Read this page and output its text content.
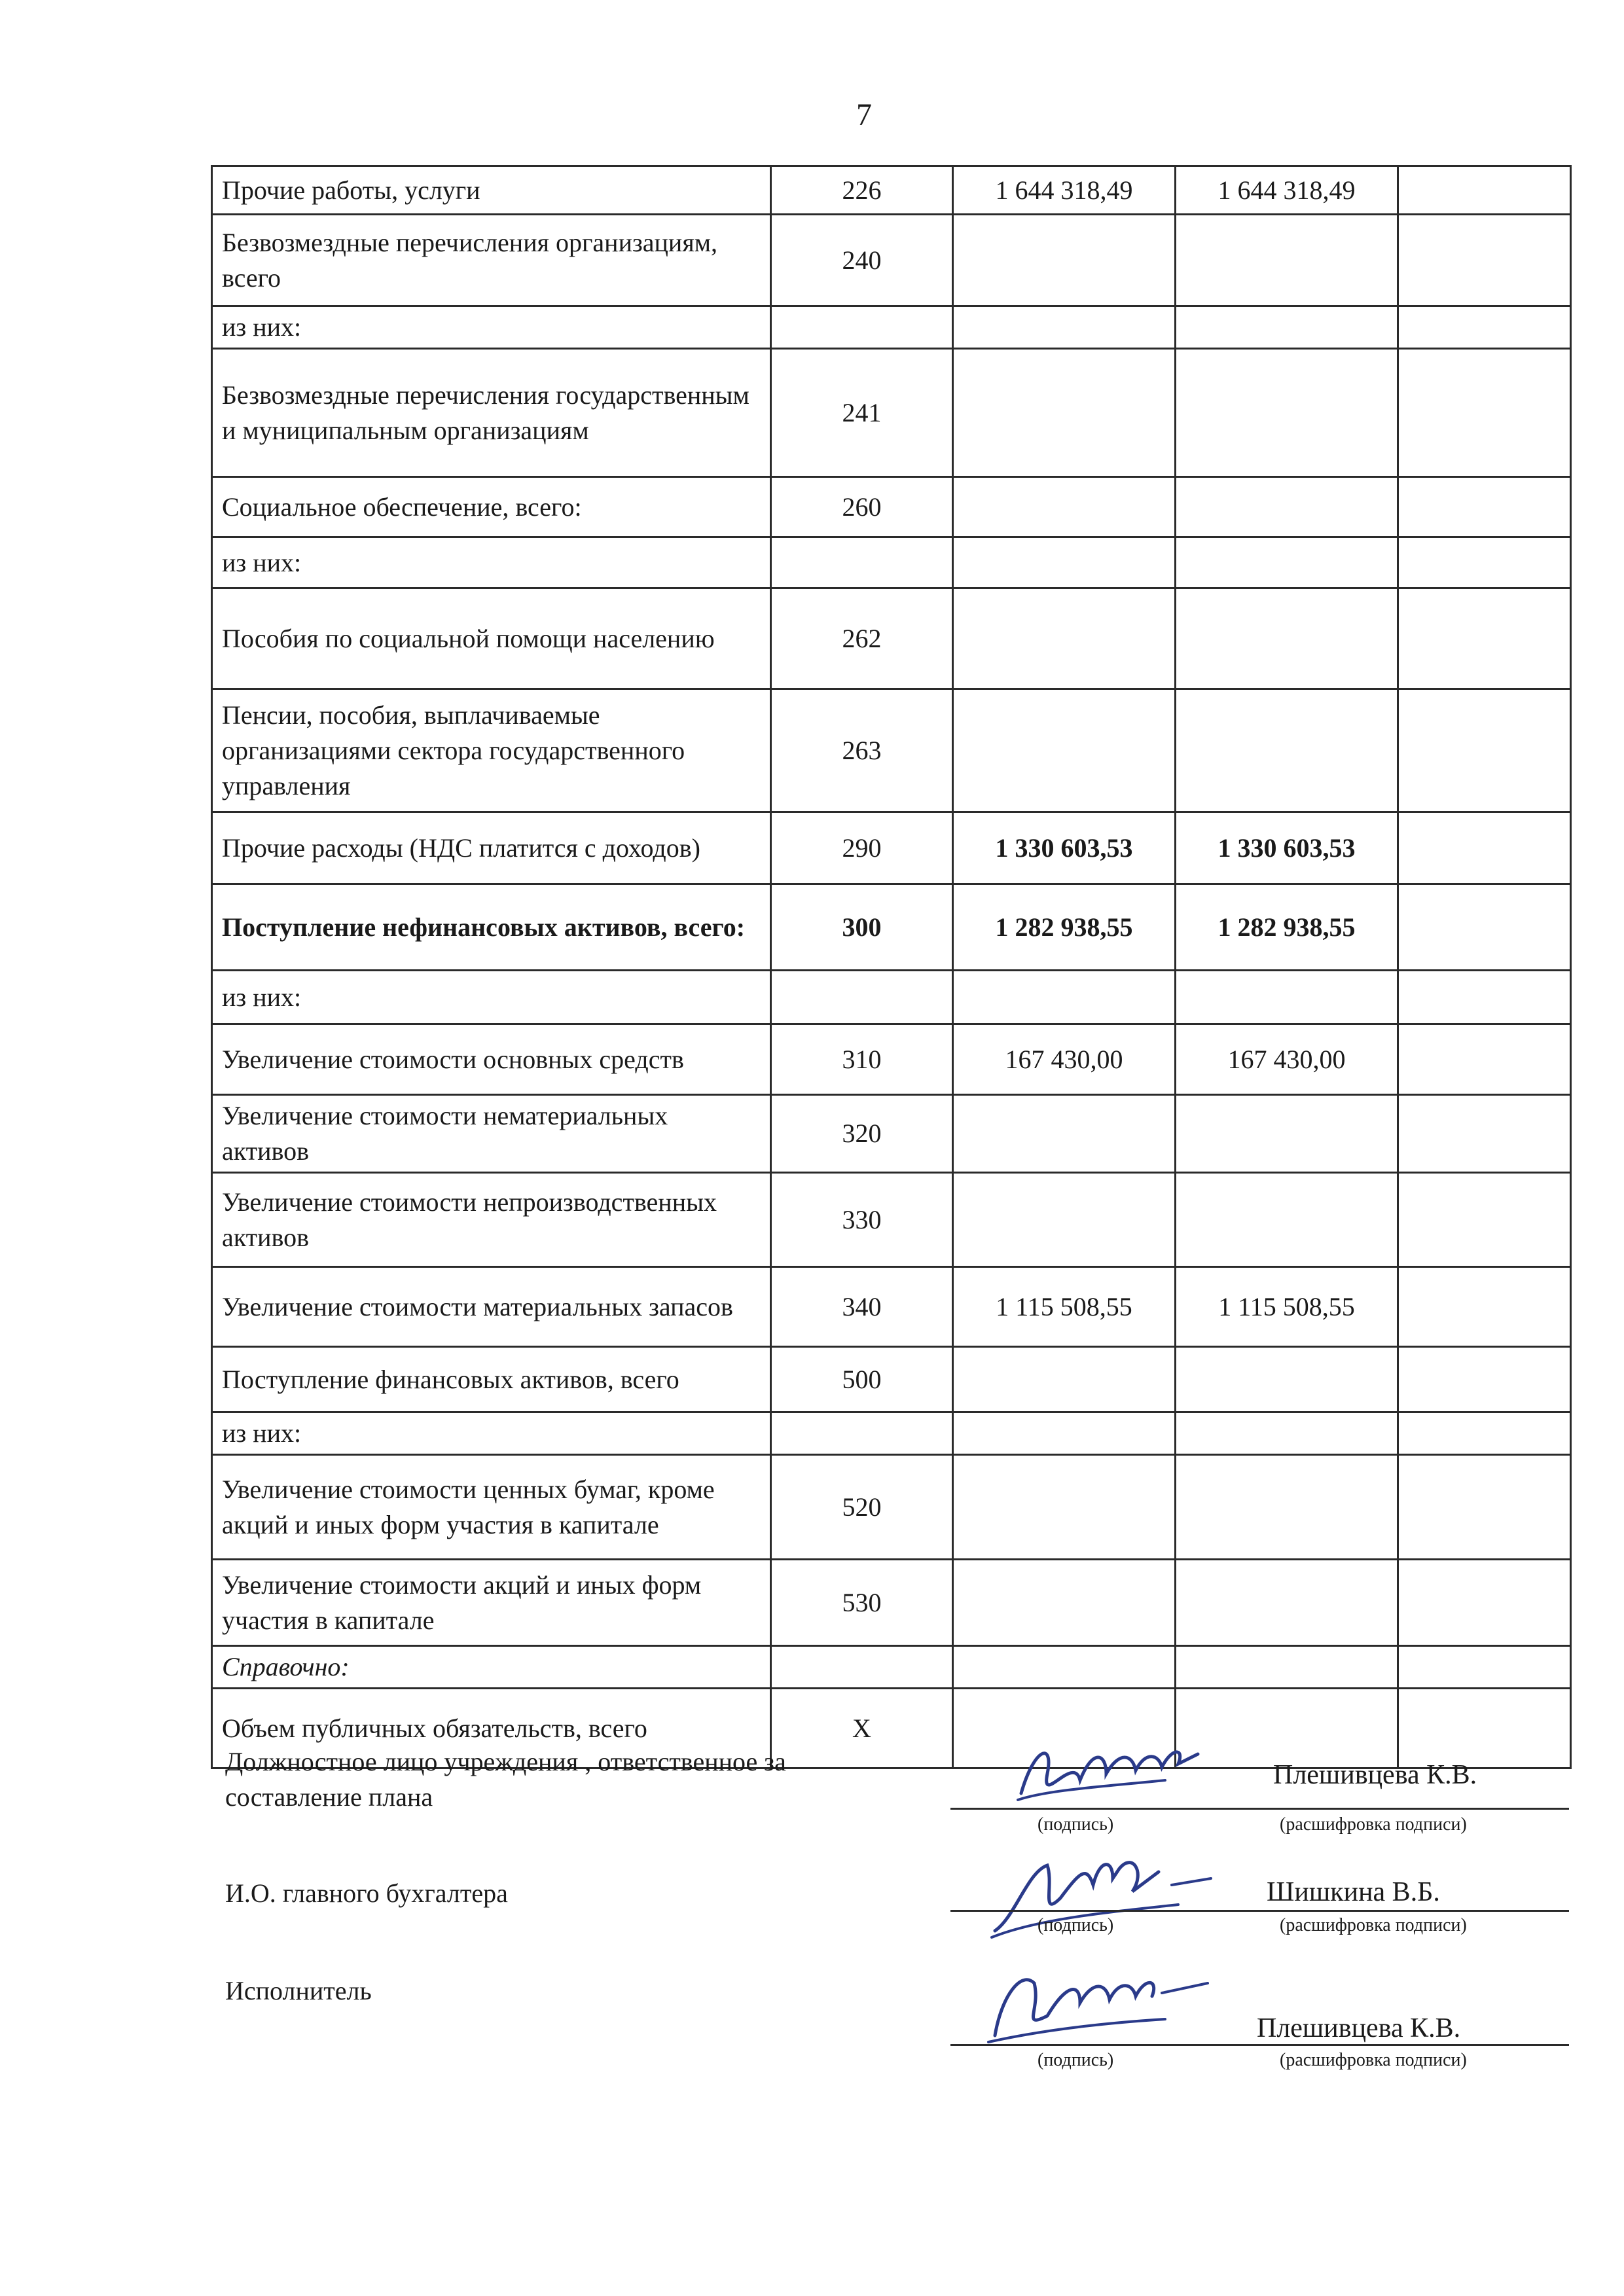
7
Прочие работы, услуги	226	1 644 318,49	1 644 318,49	
Безвозмездные перечисления организациям, всего	240			
из них:				
Безвозмездные перечисления государственным и муниципальным организациям	241			
Социальное обеспечение, всего:	260			
из них:				
Пособия по социальной помощи населению	262			
Пенсии, пособия, выплачиваемые организациями сектора государственного управления	263			
Прочие расходы (НДС платится с доходов)	290	1 330 603,53	1 330 603,53	
Поступление нефинансовых активов, всего:	300	1 282 938,55	1 282 938,55	
из них:				
Увеличение стоимости основных средств	310	167 430,00	167 430,00	
Увеличение стоимости нематериальных активов	320			
Увеличение стоимости непроизводственных активов	330			
Увеличение стоимости материальных запасов	340	1 115 508,55	1 115 508,55	
Поступление финансовых активов, всего	500			
из них:				
Увеличение стоимости ценных бумаг, кроме акций и иных форм участия в капитале	520			
Увеличение стоимости акций и иных форм участия в капитале	530			
Справочно:				
Объем публичных обязательств, всего	X			
Должностное лицо учреждения , ответственное за составление плана
Плешивцева К.В.
(подпись)	(расшифровка подписи)
И.О. главного бухгалтера	Шишкина В.Б.
(подпись)	(расшифровка подписи)
Исполнитель
Плешивцева К.В.
(подпись)	(расшифровка подписи)
